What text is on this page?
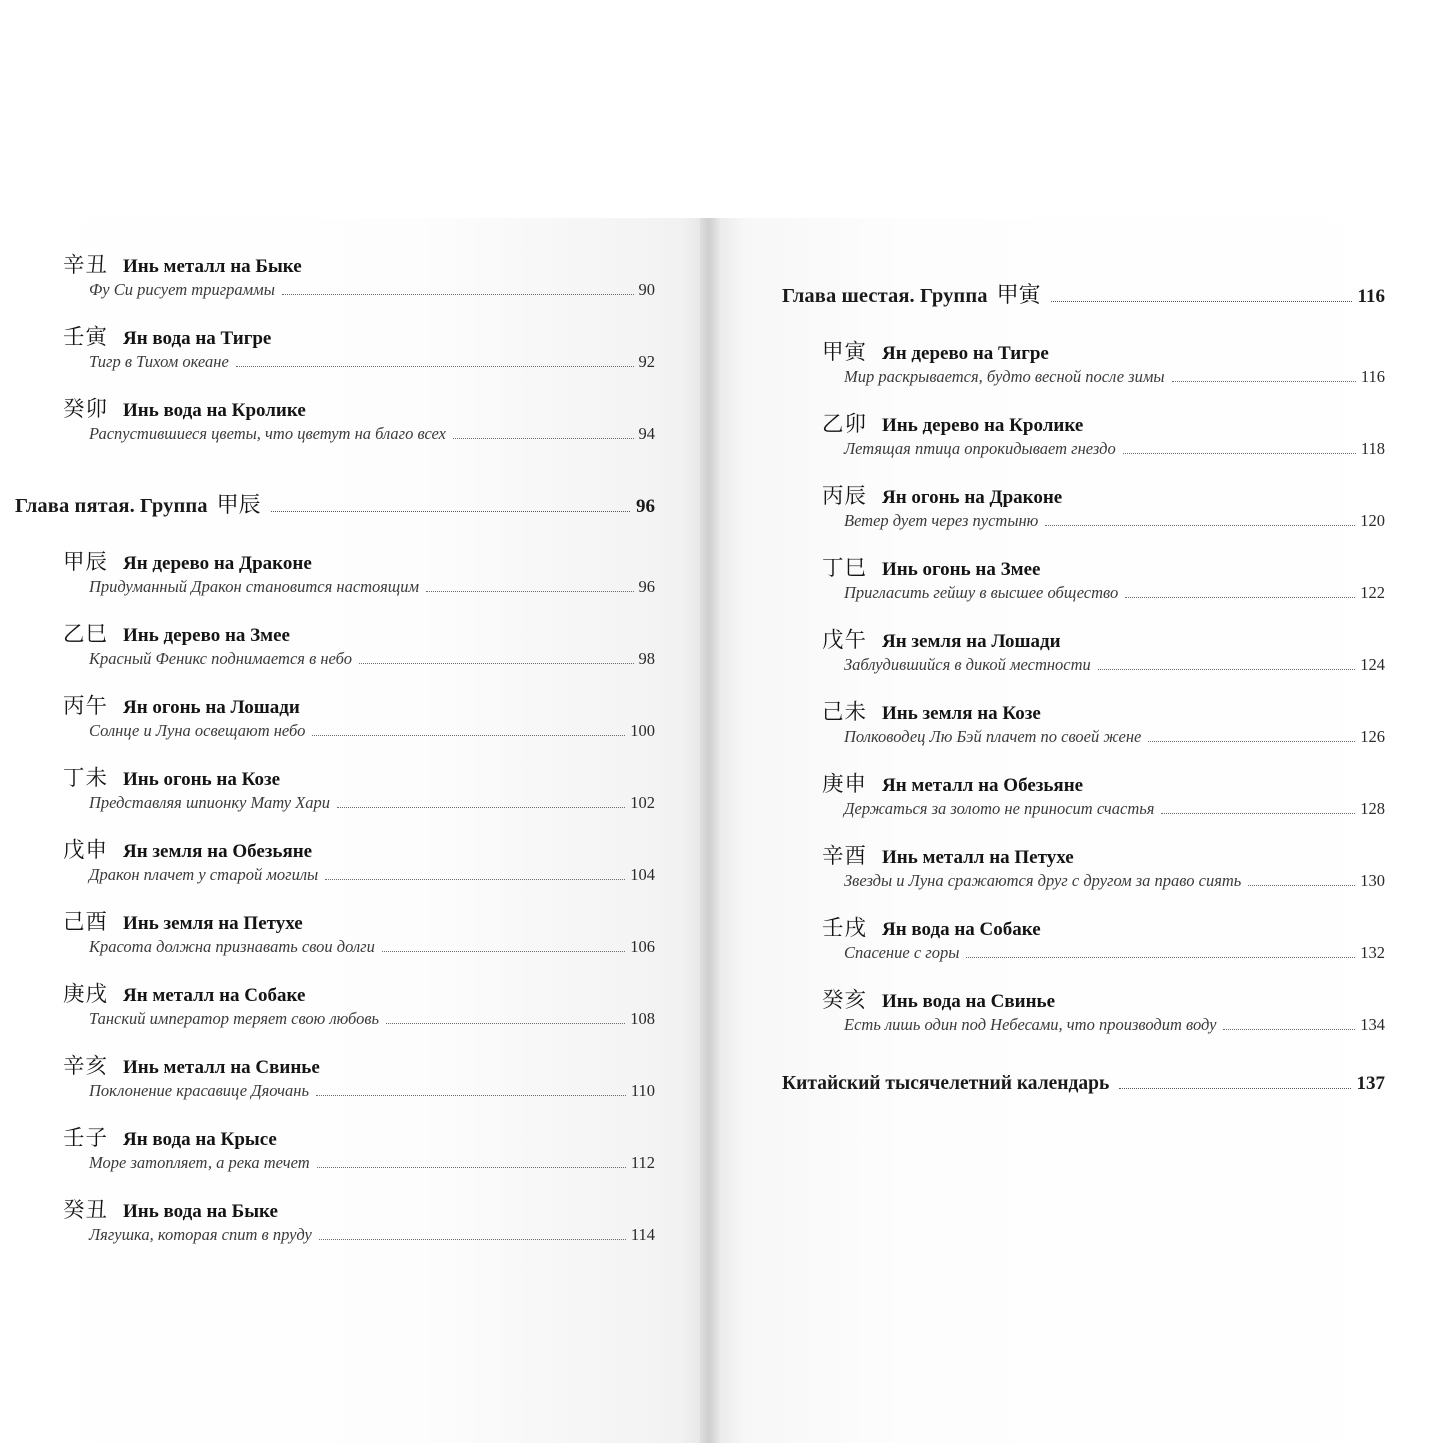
辛丑 Инь металл на Быке
Фу Си рисует триграммы	90
壬寅 Ян вода на Тигре
Тигр в Тихом океане	92
癸卯 Инь вода на Кролике
Распустившиеся цветы, что цветут на благо всех	94
Глава пятая. Группа 甲辰	96
甲辰 Ян дерево на Драконе
Придуманный Дракон становится настоящим	96
乙巳 Инь дерево на Змее
Красный Феникс поднимается в небо	98
丙午 Ян огонь на Лошади
Солнце и Луна освещают небо	100
丁未 Инь огонь на Козе
Представляя шпионку Мату Хари	102
戊申 Ян земля на Обезьяне
Дракон плачет у старой могилы	104
己酉 Инь земля на Петухе
Красота должна признавать свои долги	106
庚戌 Ян металл на Собаке
Танский император теряет свою любовь	108
辛亥 Инь металл на Свинье
Поклонение красавице Дяочань	110
壬子 Ян вода на Крысе
Море затопляет, а река течет	112
癸丑 Инь вода на Быке
Лягушка, которая спит в пруду	114
Глава шестая. Группа 甲寅	116
甲寅 Ян дерево на Тигре
Мир раскрывается, будто весной после зимы	116
乙卯 Инь дерево на Кролике
Летящая птица опрокидывает гнездо	118
丙辰 Ян огонь на Драконе
Ветер дует через пустыню	120
丁巳 Инь огонь на Змее
Пригласить гейшу в высшее общество	122
戊午 Ян земля на Лошади
Заблудившийся в дикой местности	124
己未 Инь земля на Козе
Полководец Лю Бэй плачет по своей жене	126
庚申 Ян металл на Обезьяне
Держаться за золото не приносит счастья	128
辛酉 Инь металл на Петухе
Звезды и Луна сражаются друг с другом за право сиять	130
壬戌 Ян вода на Собаке
Спасение с горы	132
癸亥 Инь вода на Свинье
Есть лишь один под Небесами, что производит воду	134
Китайский тысячелетний календарь	137
